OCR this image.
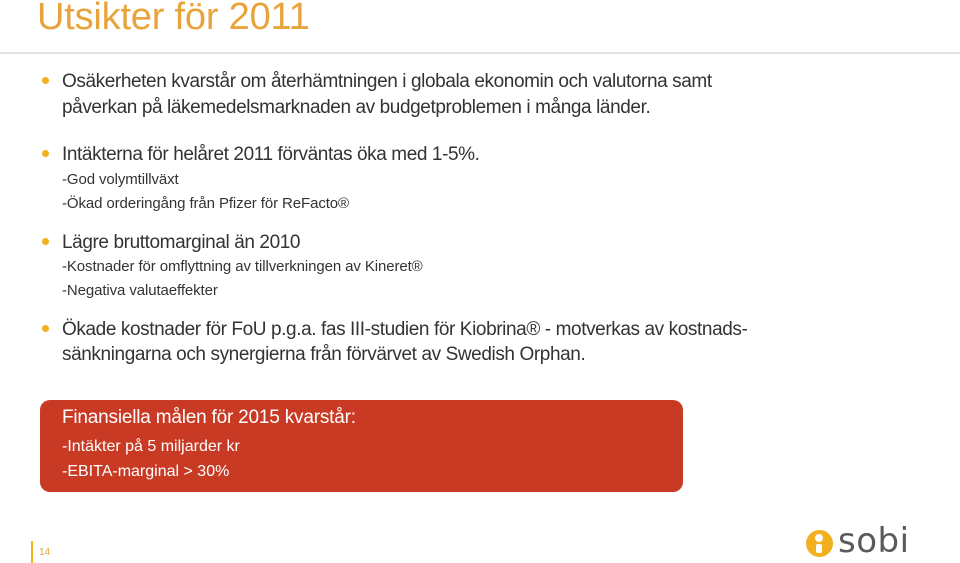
Utsikter för 2011
Osäkerheten kvarstår om återhämtningen i globala ekonomin och valutorna samt
påverkan på läkemedelsmarknaden av budgetproblemen i många länder.
Intäkterna för helåret 2011 förväntas öka med 1-5%.
-God volymtillväxt
-Ökad orderingång från Pfizer för ReFacto®
Lägre bruttomarginal än 2010
-Kostnader för omflyttning av tillverkningen av Kineret®
-Negativa valutaeffekter
Ökade kostnader för FoU p.g.a. fas III-studien för Kiobrina® - motverkas av kostnads-
sänkningarna och synergierna från förvärvet av Swedish Orphan.
Finansiella målen för 2015 kvarstår:
-Intäkter på 5 miljarder kr
-EBITA-marginal > 30%
14	sobi
